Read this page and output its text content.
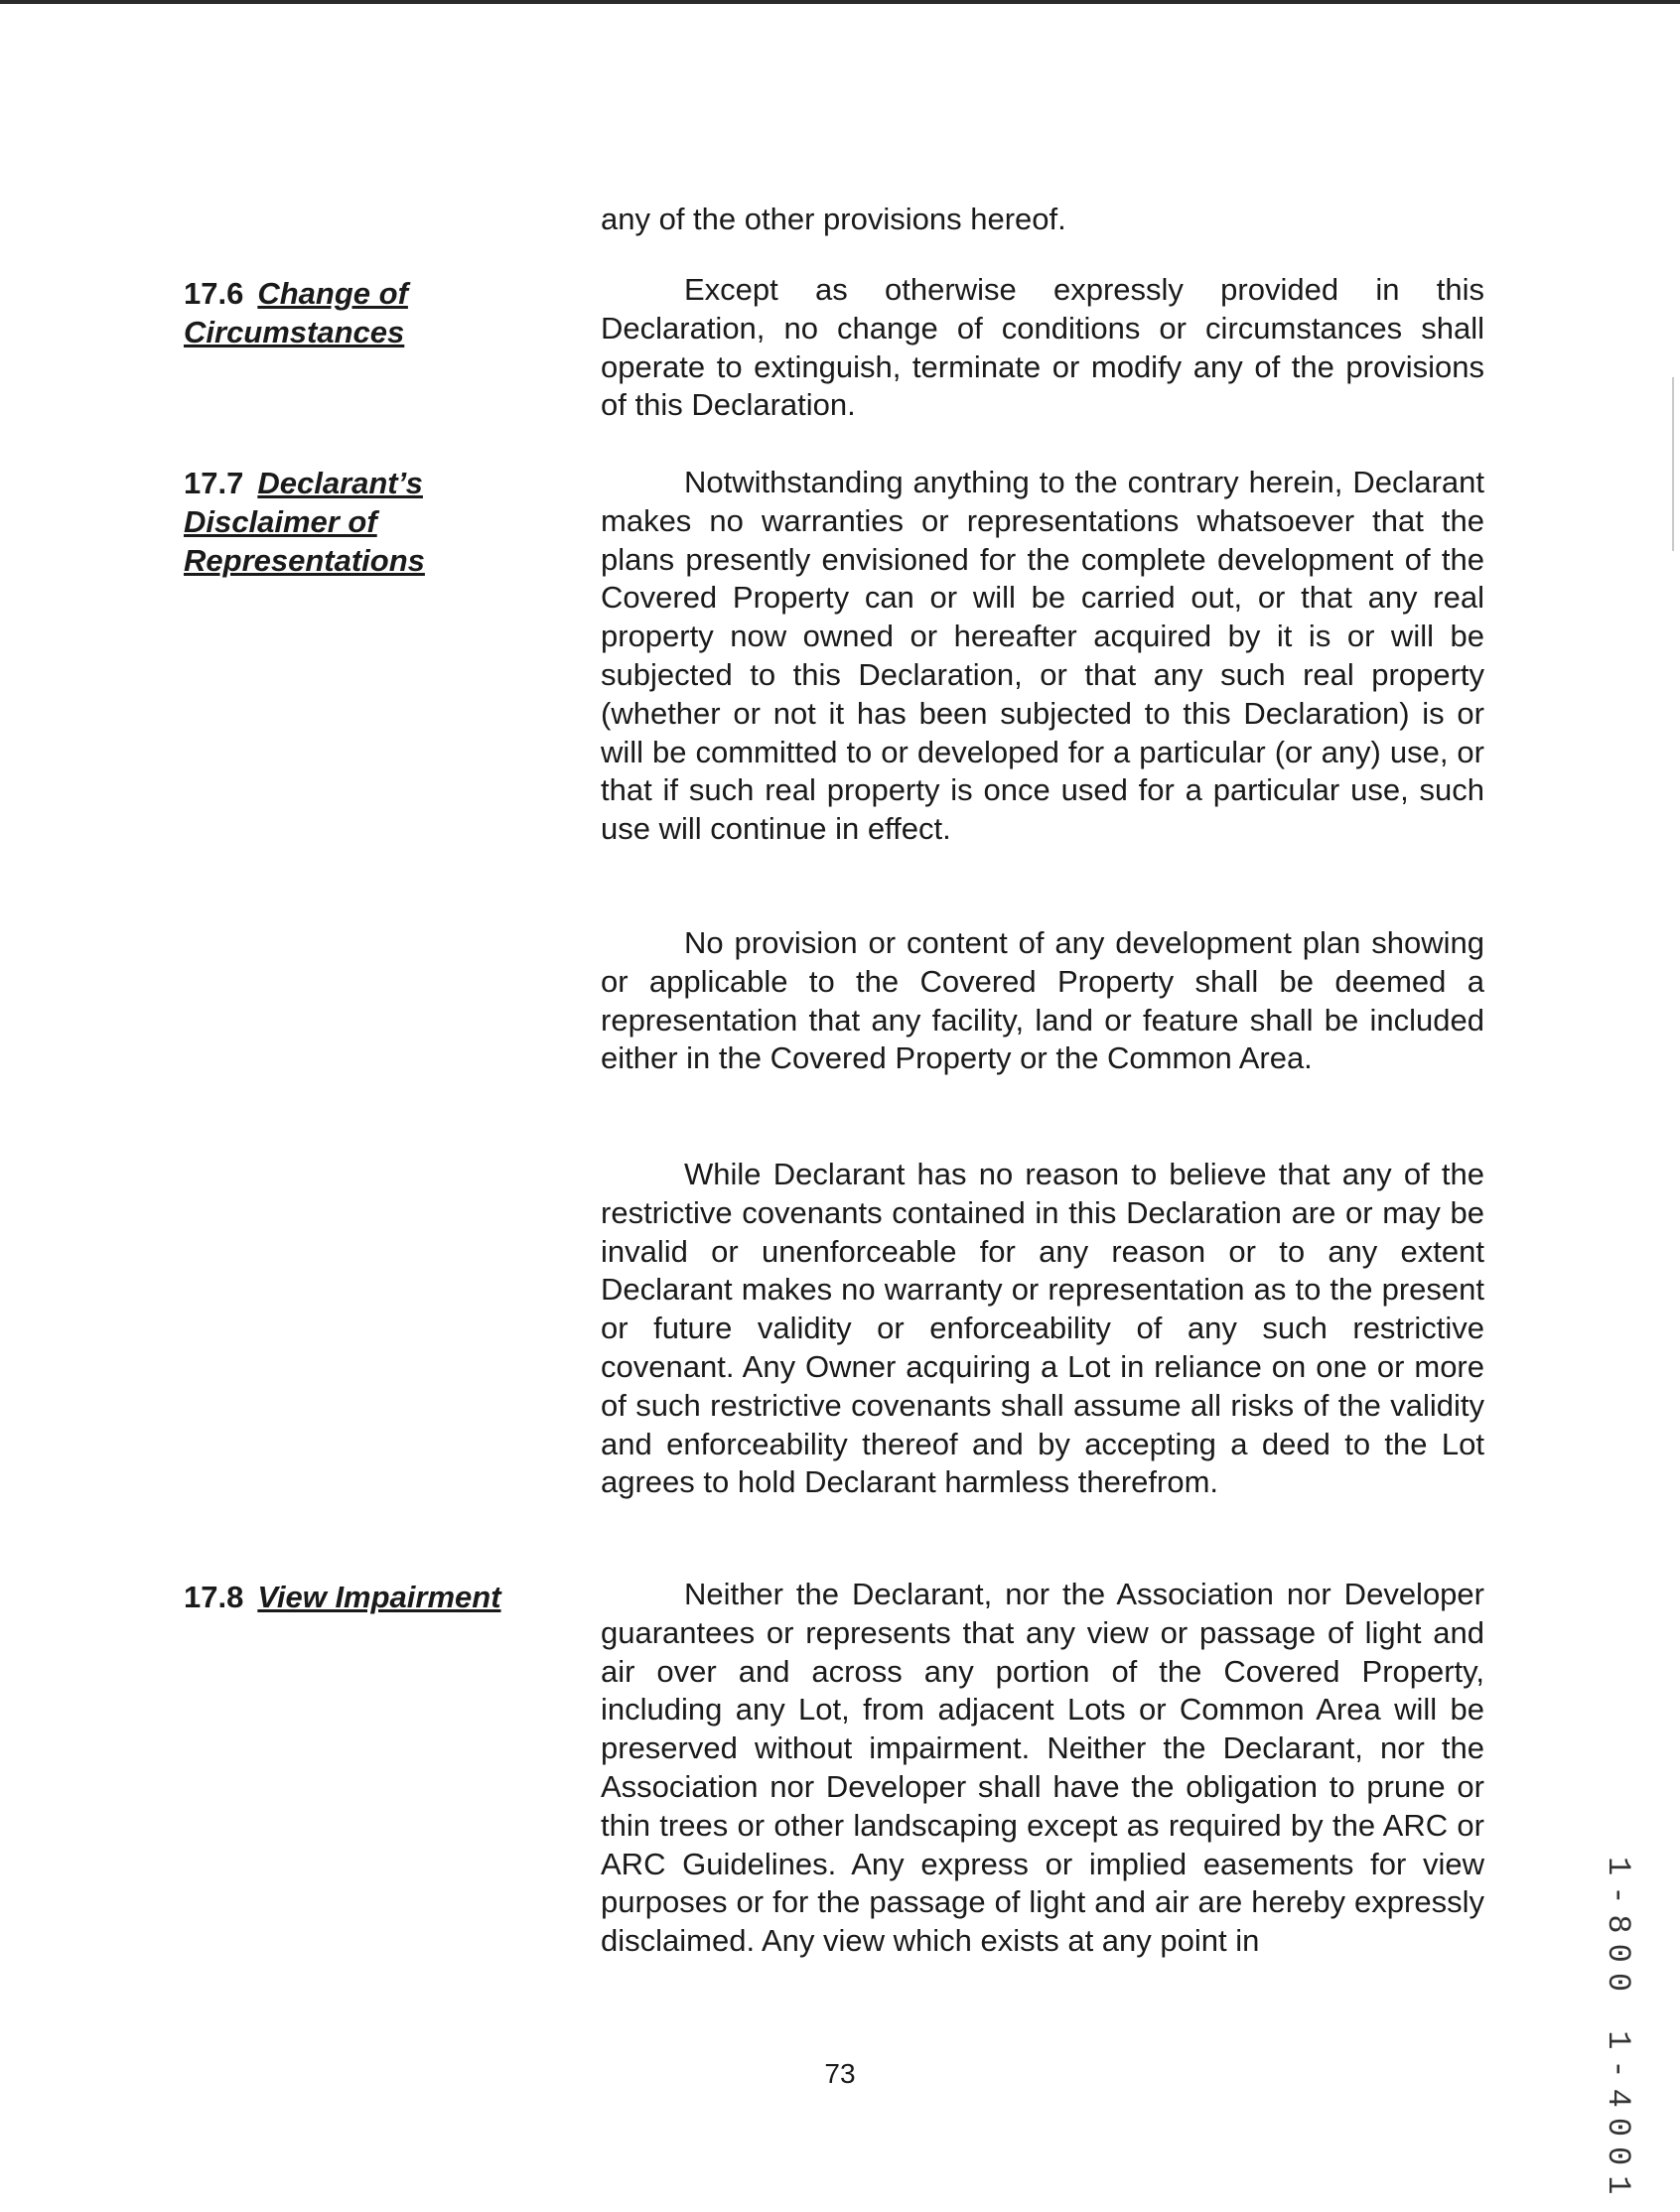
any of the other provisions hereof.

17.6 Change of Circumstances

Except as otherwise expressly provided in this Declaration, no change of conditions or circumstances shall operate to extinguish, terminate or modify any of the provisions of this Declaration.

17.7 Declarant’s Disclaimer of Representations

Notwithstanding anything to the contrary herein, Declarant makes no warranties or representations whatsoever that the plans presently envisioned for the complete development of the Covered Property can or will be carried out, or that any real property now owned or hereafter acquired by it is or will be subjected to this Declaration, or that any such real property (whether or not it has been subjected to this Declaration) is or will be committed to or developed for a particular (or any) use, or that if such real property is once used for a particular use, such use will continue in effect.

No provision or content of any development plan showing or applicable to the Covered Property shall be deemed a representation that any facility, land or feature shall be included either in the Covered Property or the Common Area.

While Declarant has no reason to believe that any of the restrictive covenants contained in this Declaration are or may be invalid or unenforceable for any reason or to any extent Declarant makes no warranty or representation as to the present or future validity or enforceability of any such restrictive covenant. Any Owner acquiring a Lot in reliance on one or more of such restrictive covenants shall assume all risks of the validity and enforceability thereof and by accepting a deed to the Lot agrees to hold Declarant harmless therefrom.

17.8 View Impairment	Neither the Declarant, nor the Association nor Developer guarantees or represents that any view or passage of light and air over and across any portion of the Covered Property, including any Lot, from adjacent Lots or Common Area will be preserved without impairment. Neither the Declarant, nor the Association nor Developer shall have the obligation to prune or thin trees or other landscaping except as required by the ARC or ARC Guidelines. Any express or implied easements for view purposes or for the passage of light and air are hereby expressly disclaimed. Any view which exists at any point in

73	1-800 1-4001
